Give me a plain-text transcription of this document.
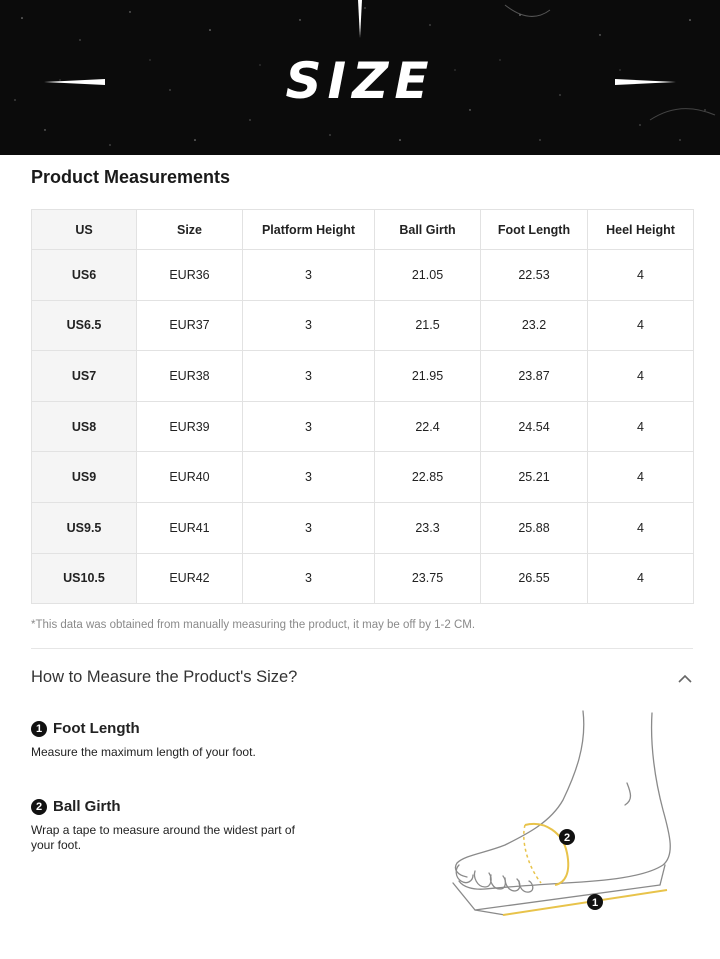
SIZE
Product Measurements
US	Size	Platform Height	Ball Girth	Foot Length	Heel Height
US6	EUR36	3	21.05	22.53	4
US6.5	EUR37	3	21.5	23.2	4
US7	EUR38	3	21.95	23.87	4
US8	EUR39	3	22.4	24.54	4
US9	EUR40	3	22.85	25.21	4
US9.5	EUR41	3	23.3	25.88	4
US10.5	EUR42	3	23.75	26.55	4
*This data was obtained from manually measuring the product, it may be off by 1-2 CM.
How to Measure the Product's Size?
1 Foot Length
Measure the maximum length of your foot.
2 Ball Girth
Wrap a tape to measure around the widest part of
your foot.	2
1
